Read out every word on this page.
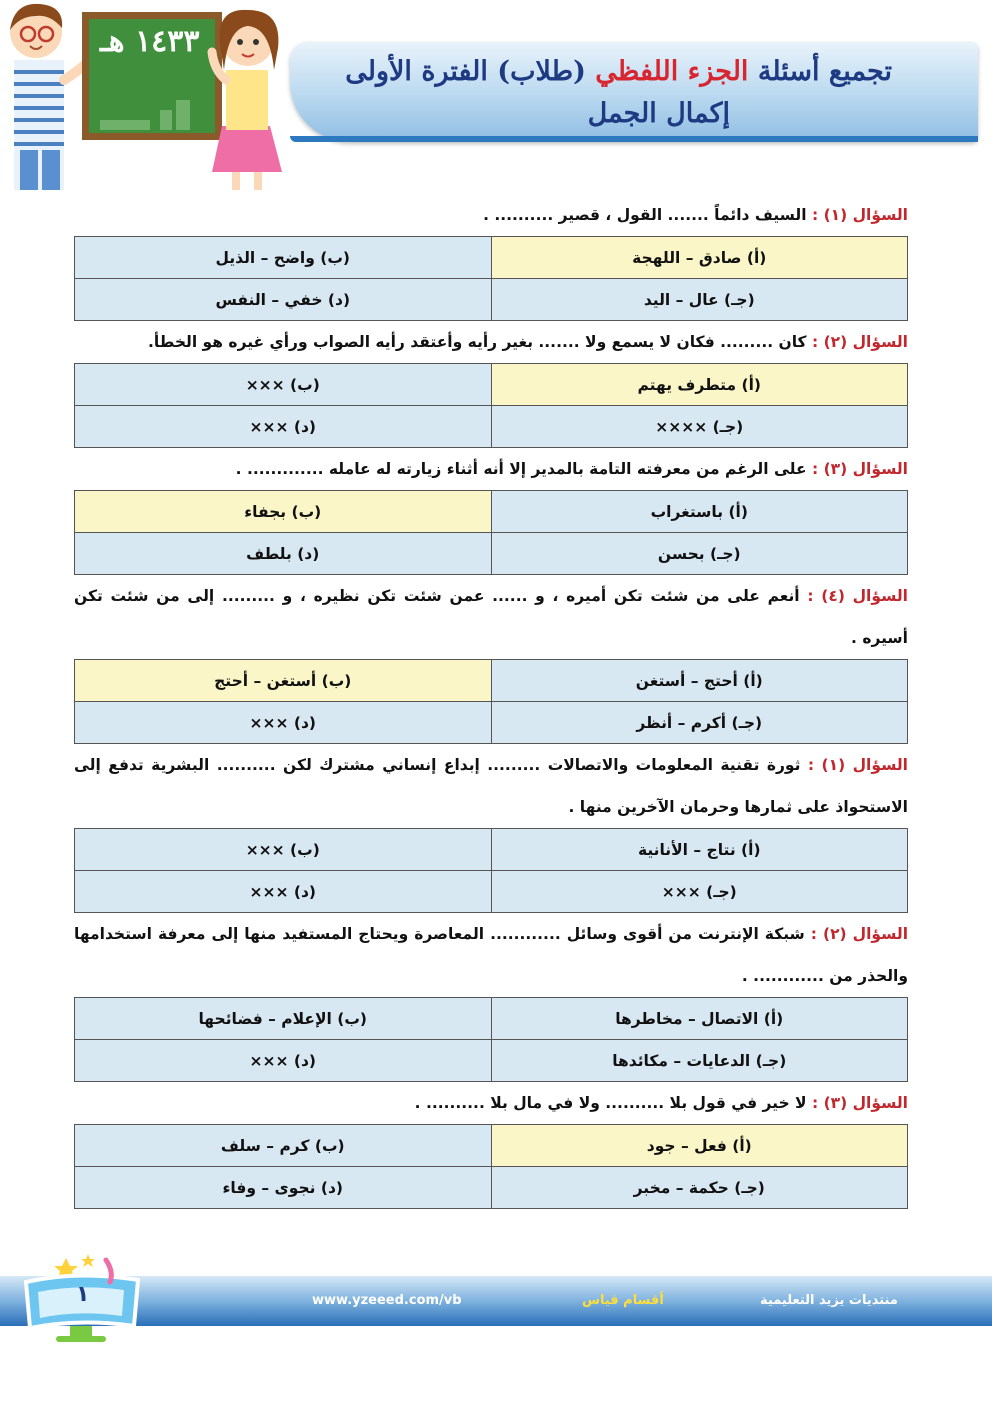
١٤٣٣ هـ
تجميع أسئلة الجزء اللفظي (طلاب) الفترة الأولى
إكمال الجمل
السؤال (١) : السيف دائماً ....... القول ، قصير .......... .
(أ) صادق – اللهجة	(ب) واضح – الذيل
(جـ) عال – اليد	(د) خفي – النفس
السؤال (٢) : كان ......... فكان لا يسمع ولا ....... بغير رأيه وأعتقد رأيه الصواب ورأي غيره هو الخطأ.
(أ) متطرف يهتم	(ب) ×××
(جـ) ××××	(د) ×××
السؤال (٣) : على الرغم من معرفته التامة بالمدير إلا أنه أثناء زيارته له عامله ............. .
(أ) باستغراب	(ب) بجفاء
(جـ) بحسن	(د) بلطف
السؤال (٤) : أنعم على من شئت تكن أميره ، و ...... عمن شئت تكن نظيره ، و ......... إلى من شئت تكن أسيره .
(أ) أحتج – أستغن	(ب) أستغن – أحتج
(جـ) أكرم – أنظر	(د) ×××
السؤال (١) : ثورة تقنية المعلومات والاتصالات ......... إبداع إنساني مشترك لكن .......... البشرية تدفع إلى الاستحواذ على ثمارها وحرمان الآخرين منها .
(أ) نتاج – الأنانية	(ب) ×××
(جـ) ×××	(د) ×××
السؤال (٢) : شبكة الإنترنت من أقوى وسائل ............ المعاصرة ويحتاج المستفيد منها إلى معرفة استخدامها والحذر من ............ .
(أ) الاتصال – مخاطرها	(ب) الإعلام – فضائحها
(جـ) الدعايات – مكائدها	(د) ×××
السؤال (٣) : لا خير في قول بلا .......... ولا في مال بلا .......... .
(أ) فعل – جود	(ب) كرم – سلف
(جـ) حكمة – مخبر	(د) نجوى – وفاء
١	www.yzeeed.com/vb	أقسام قياس	منتديات يزيد التعليمية
